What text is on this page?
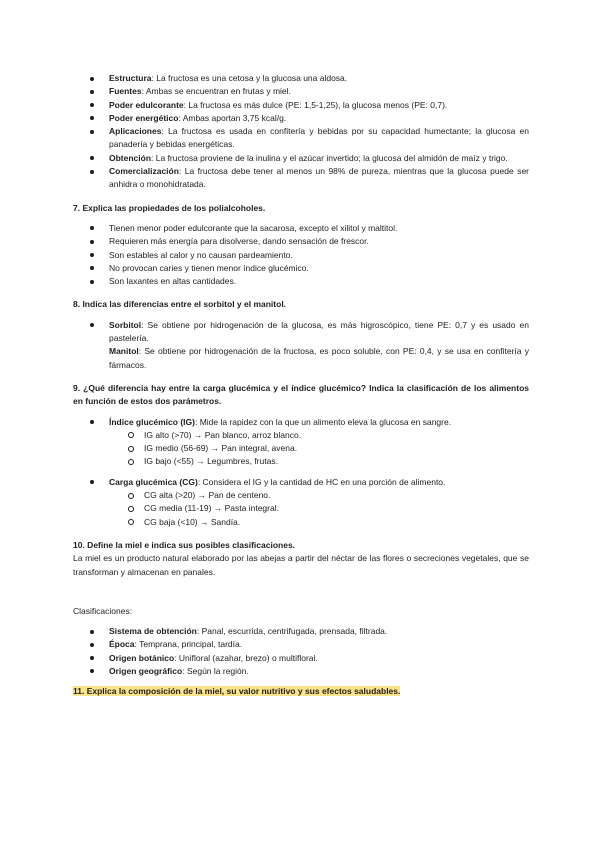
Estructura: La fructosa es una cetosa y la glucosa una aldosa.
Fuentes: Ambas se encuentran en frutas y miel.
Poder edulcorante: La fructosa es más dulce (PE: 1,5-1,25), la glucosa menos (PE: 0,7).
Poder energético: Ambas aportan 3,75 kcal/g.
Aplicaciones: La fructosa es usada en confitería y bebidas por su capacidad humectante; la glucosa en panadería y bebidas energéticas.
Obtención: La fructosa proviene de la inulina y el azúcar invertido; la glucosa del almidón de maíz y trigo.
Comercialización: La fructosa debe tener al menos un 98% de pureza, mientras que la glucosa puede ser anhidra o monohidratada.
7. Explica las propiedades de los polialcoholes.
Tienen menor poder edulcorante que la sacarosa, excepto el xilitol y maltitol.
Requieren más energía para disolverse, dando sensación de frescor.
Son estables al calor y no causan pardeamiento.
No provocan caries y tienen menor índice glucémico.
Son laxantes en altas cantidades.
8. Indica las diferencias entre el sorbitol y el manitol.
Sorbitol: Se obtiene por hidrogenación de la glucosa, es más higroscópico, tiene PE: 0,7 y es usado en pastelería.
Manitol: Se obtiene por hidrogenación de la fructosa, es poco soluble, con PE: 0,4, y se usa en confitería y fármacos.
9. ¿Qué diferencia hay entre la carga glucémica y el índice glucémico? Indica la clasificación de los alimentos en función de estos dos parámetros.
Índice glucémico (IG): Mide la rapidez con la que un alimento eleva la glucosa en sangre.
IG alto (>70) → Pan blanco, arroz blanco.
IG medio (56-69) → Pan integral, avena.
IG bajo (<55) → Legumbres, frutas.
Carga glucémica (CG): Considera el IG y la cantidad de HC en una porción de alimento.
CG alta (>20) → Pan de centeno.
CG media (11-19) → Pasta integral.
CG baja (<10) → Sandía.
10. Define la miel e indica sus posibles clasificaciones.

La miel es un producto natural elaborado por las abejas a partir del néctar de las flores o secreciones vegetales, que se transforman y almacenan en panales.

Clasificaciones:

Sistema de obtención: Panal, escurrida, centrifugada, prensada, filtrada.
Época: Temprana, principal, tardía.
Origen botánico: Unifloral (azahar, brezo) o multifloral.
Origen geográfico: Según la región.
11. Explica la composición de la miel, su valor nutritivo y sus efectos saludables.
